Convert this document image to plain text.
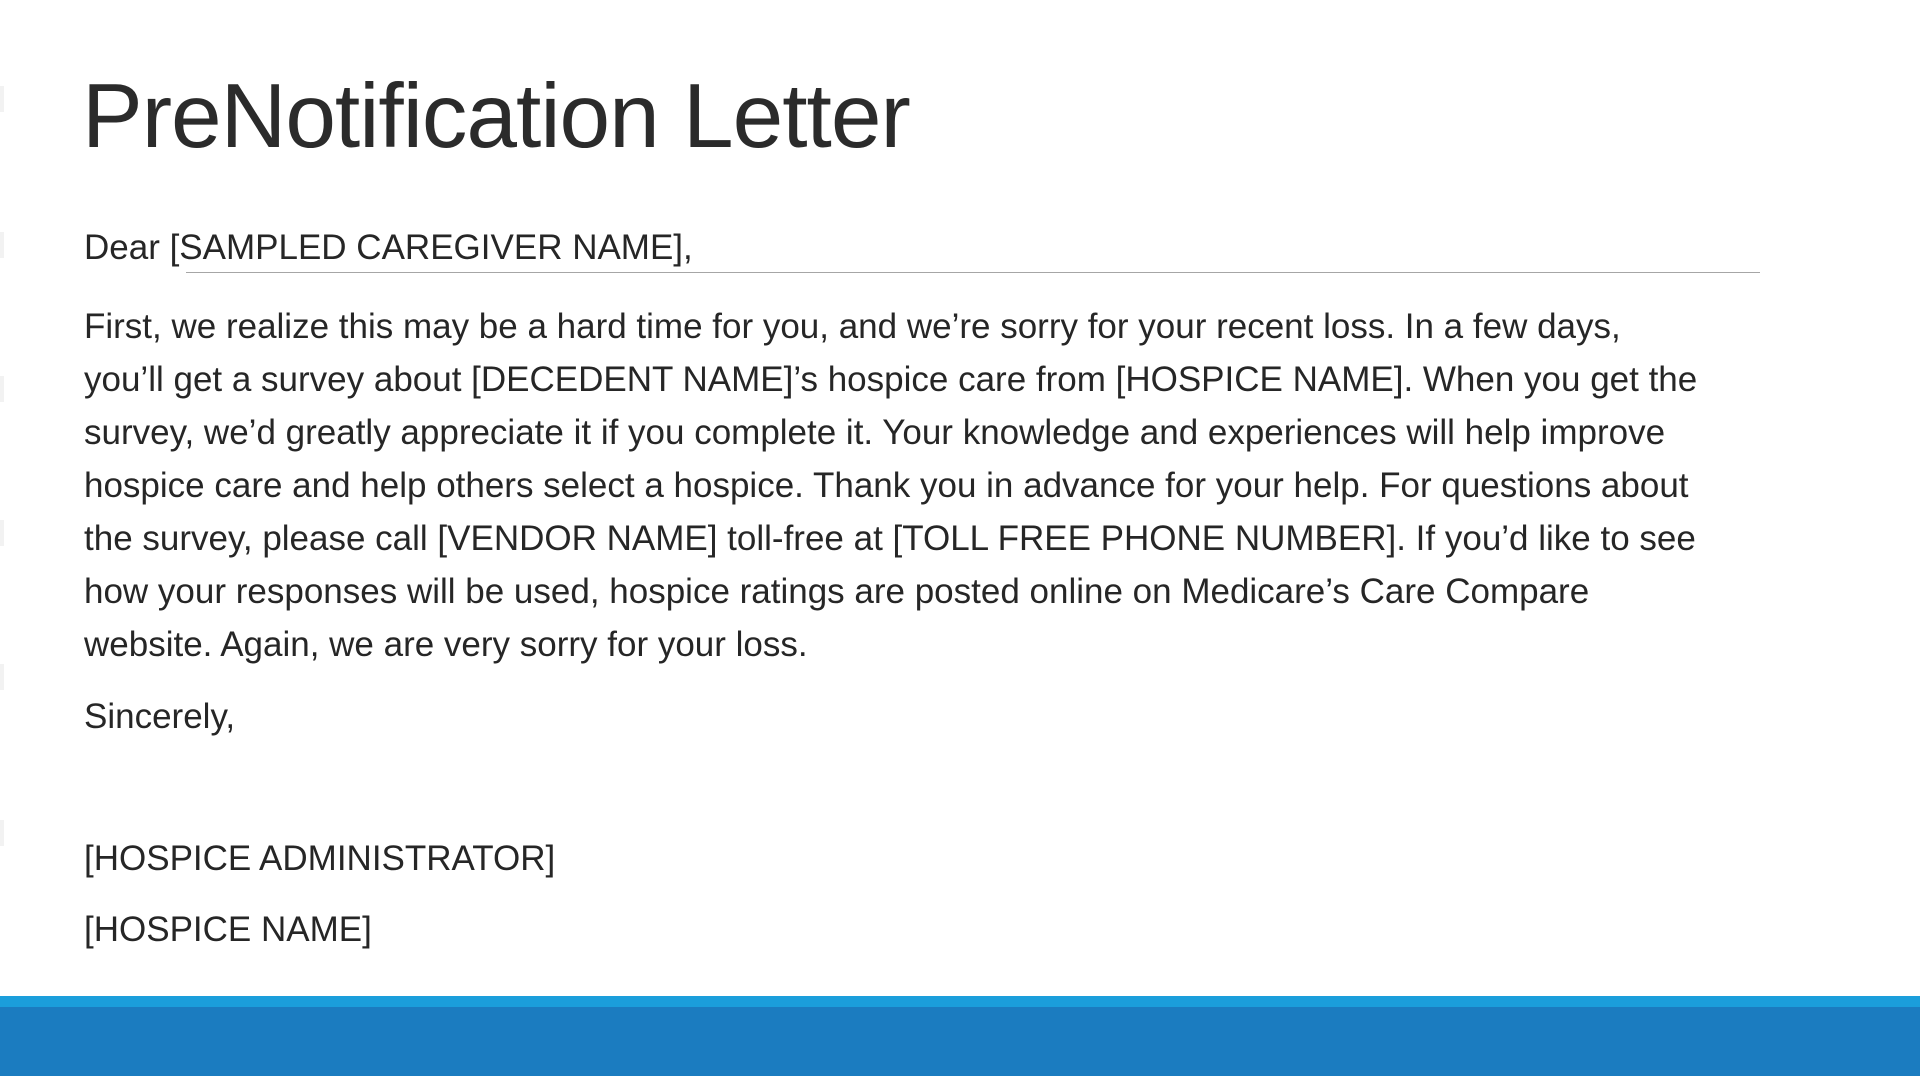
PreNotification Letter

Dear [SAMPLED CAREGIVER NAME],

First, we realize this may be a hard time for you, and we’re sorry for your recent loss. In a few days,
you’ll get a survey about [DECEDENT NAME]’s hospice care from [HOSPICE NAME]. When you get the
survey, we’d greatly appreciate it if you complete it. Your knowledge and experiences will help improve
hospice care and help others select a hospice. Thank you in advance for your help. For questions about
the survey, please call [VENDOR NAME] toll-free at [TOLL FREE PHONE NUMBER]. If you’d like to see
how your responses will be used, hospice ratings are posted online on Medicare’s Care Compare
website. Again, we are very sorry for your loss.

Sincerely,

[HOSPICE ADMINISTRATOR]

[HOSPICE NAME]
